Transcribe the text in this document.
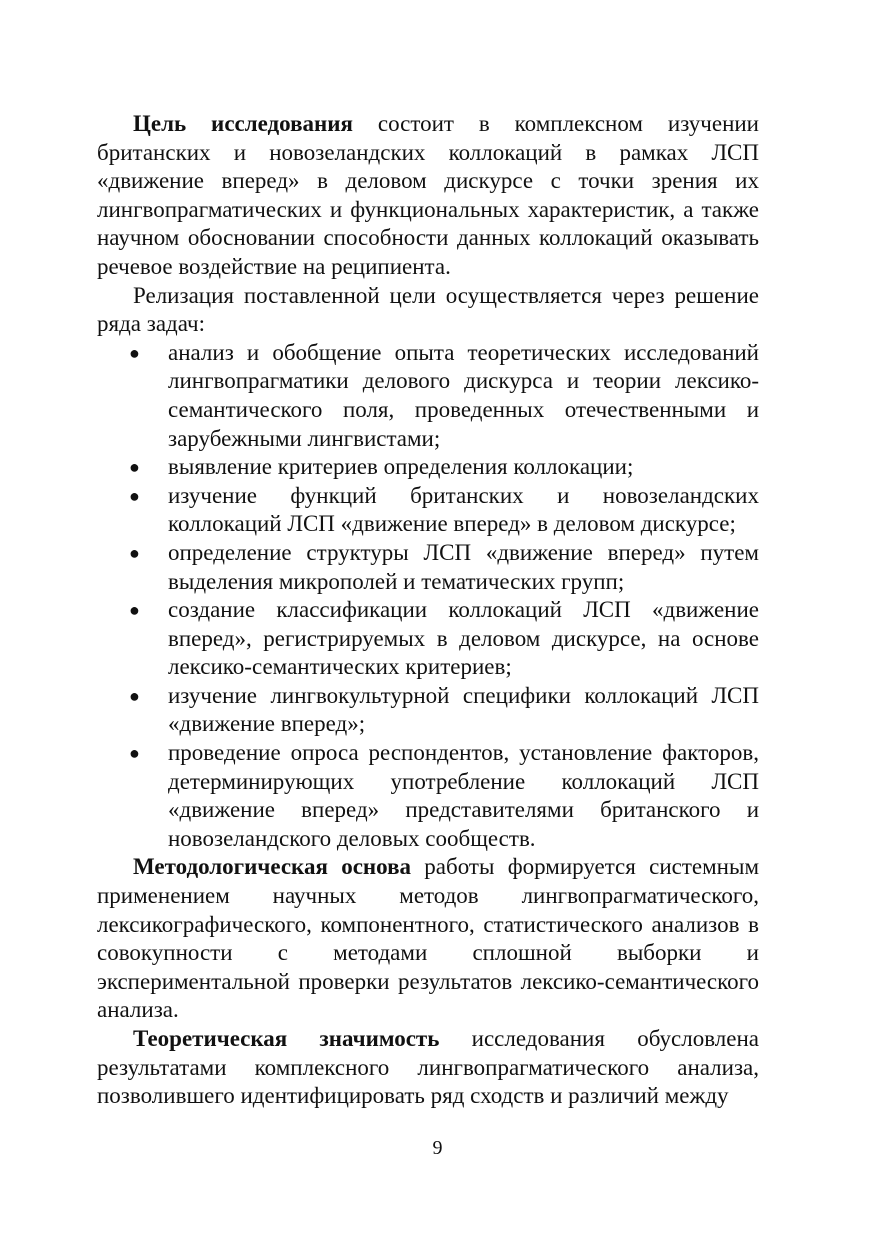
Цель исследования состоит в комплексном изучении британских и новозеландских коллокаций в рамках ЛСП «движение вперед» в деловом дискурсе с точки зрения их лингвопрагматических и функциональных характеристик, а также научном обосновании способности данных коллокаций оказывать речевое воздействие на реципиента.

Релизация поставленной цели осуществляется через решение ряда задач:

● анализ и обобщение опыта теоретических исследований лингвопрагматики делового дискурса и теории лексико-семантического поля, проведенных отечественными и зарубежными лингвистами;
● выявление критериев определения коллокации;
● изучение функций британских и новозеландских коллокаций ЛСП «движение вперед» в деловом дискурсе;
● определение структуры ЛСП «движение вперед» путем выделения микрополей и тематических групп;
● создание классификации коллокаций ЛСП «движение вперед», регистрируемых в деловом дискурсе, на основе лексико-семантических критериев;
● изучение лингвокультурной специфики коллокаций ЛСП «движение вперед»;
● проведение опроса респондентов, установление факторов, детерминирующих употребление коллокаций ЛСП «движение вперед» представителями британского и новозеландского деловых сообществ.

Методологическая основа работы формируется системным применением научных методов лингвопрагматического, лексикографического, компонентного, статистического анализов в совокупности с методами сплошной выборки и экспериментальной проверки результатов лексико-семантического анализа.

Теоретическая значимость исследования обусловлена результатами комплексного лингвопрагматического анализа, позволившего идентифицировать ряд сходств и различий между

9
